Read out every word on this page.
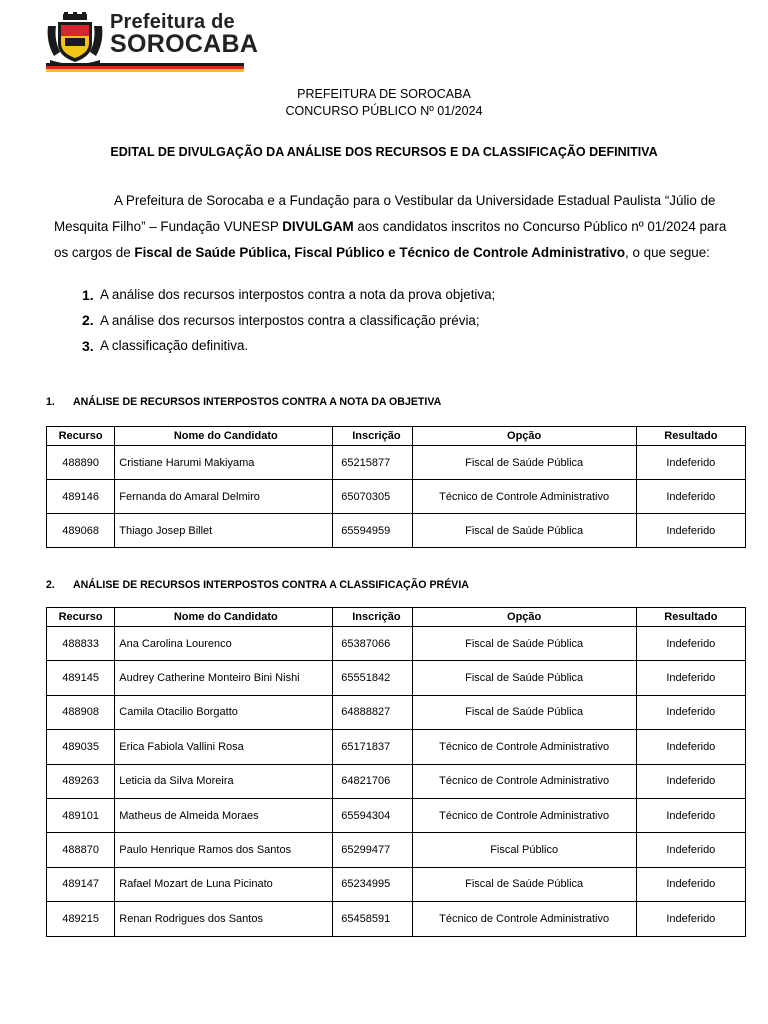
Prefeitura de
SOROCABA
PREFEITURA DE SOROCABA
CONCURSO PÚBLICO Nº 01/2024
EDITAL DE DIVULGAÇÃO DA ANÁLISE DOS RECURSOS E DA CLASSIFICAÇÃO DEFINITIVA
A Prefeitura de Sorocaba e a Fundação para o Vestibular da Universidade Estadual Paulista “Júlio de
Mesquita Filho” – Fundação VUNESP DIVULGAM aos candidatos inscritos no Concurso Público nº 01/2024 para
os cargos de Fiscal de Saúde Pública, Fiscal Público e Técnico de Controle Administrativo, o que segue:
1. A análise dos recursos interpostos contra a nota da prova objetiva;
2. A análise dos recursos interpostos contra a classificação prévia;
3. A classificação definitiva.
1. ANÁLISE DE RECURSOS INTERPOSTOS CONTRA A NOTA DA OBJETIVA
Recurso	Nome do Candidato	Inscrição	Opção	Resultado
488890	Cristiane Harumi Makiyama	65215877	Fiscal de Saúde Pública	Indeferido
489146	Fernanda do Amaral Delmiro	65070305	Técnico de Controle Administrativo	Indeferido
489068	Thiago Josep Billet	65594959	Fiscal de Saúde Pública	Indeferido
2. ANÁLISE DE RECURSOS INTERPOSTOS CONTRA A CLASSIFICAÇÃO PRÉVIA
Recurso	Nome do Candidato	Inscrição	Opção	Resultado
488833	Ana Carolina Lourenco	65387066	Fiscal de Saúde Pública	Indeferido
489145	Audrey Catherine Monteiro Bini Nishi	65551842	Fiscal de Saúde Pública	Indeferido
488908	Camila Otacilio Borgatto	64888827	Fiscal de Saúde Pública	Indeferido
489035	Erica Fabiola Vallini Rosa	65171837	Técnico de Controle Administrativo	Indeferido
489263	Leticia da Silva Moreira	64821706	Técnico de Controle Administrativo	Indeferido
489101	Matheus de Almeida Moraes	65594304	Técnico de Controle Administrativo	Indeferido
488870	Paulo Henrique Ramos dos Santos	65299477	Fiscal Público	Indeferido
489147	Rafael Mozart de Luna Picinato	65234995	Fiscal de Saúde Pública	Indeferido
489215	Renan Rodrigues dos Santos	65458591	Técnico de Controle Administrativo	Indeferido
